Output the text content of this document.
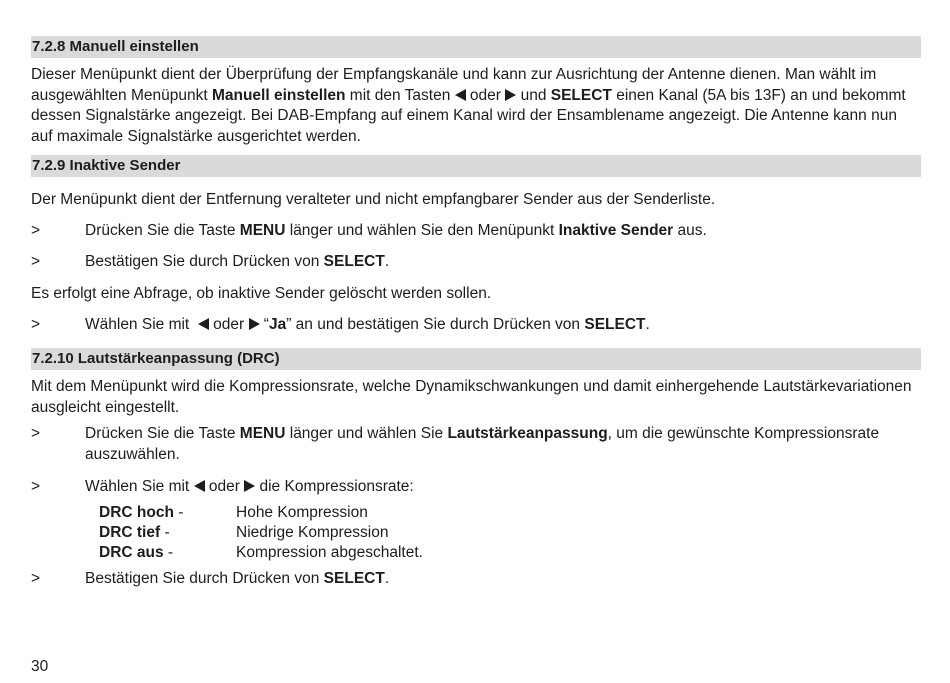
7.2.8 Manuell einstellen
Dieser Menüpunkt dient der Überprüfung der Empfangskanäle und kann zur Ausrichtung der Antenne dienen. Man wählt im ausgewählten Menüpunkt Manuell einstellen mit den Tasten  oder  und SELECT einen Kanal (5A bis 13F) an und bekommt dessen Signalstärke angezeigt. Bei DAB-Empfang auf einem Kanal wird der Ensamblename angezeigt. Die Antenne kann nun auf maximale Signalstärke ausgerichtet werden.
7.2.9 Inaktive Sender
Der Menüpunkt dient der Entfernung veralteter und nicht empfangbarer Sender aus der Senderliste.
>	Drücken Sie die Taste MENU länger und wählen Sie den Menüpunkt Inaktive Sender aus.
>	Bestätigen Sie durch Drücken von SELECT.
Es erfolgt eine Abfrage, ob inaktive Sender gelöscht werden sollen.
>	Wählen Sie mit   oder  “Ja” an und bestätigen Sie durch Drücken von SELECT.
7.2.10 Lautstärkeanpassung (DRC)
Mit dem Menüpunkt wird die Kompressionsrate, welche Dynamikschwankungen und damit einhergehende Lautstärkevariationen ausgleicht eingestellt.
>	Drücken Sie die Taste MENU länger und wählen Sie Lautstärkeanpassung, um die gewünschte Kompressionsrate auszuwählen.
>	Wählen Sie mit  oder  die Kompressionsrate:
DRC hoch -	Hohe Kompression
DRC tief -	Niedrige Kompression
DRC aus -	Kompression abgeschaltet.
>	Bestätigen Sie durch Drücken von SELECT.
30
